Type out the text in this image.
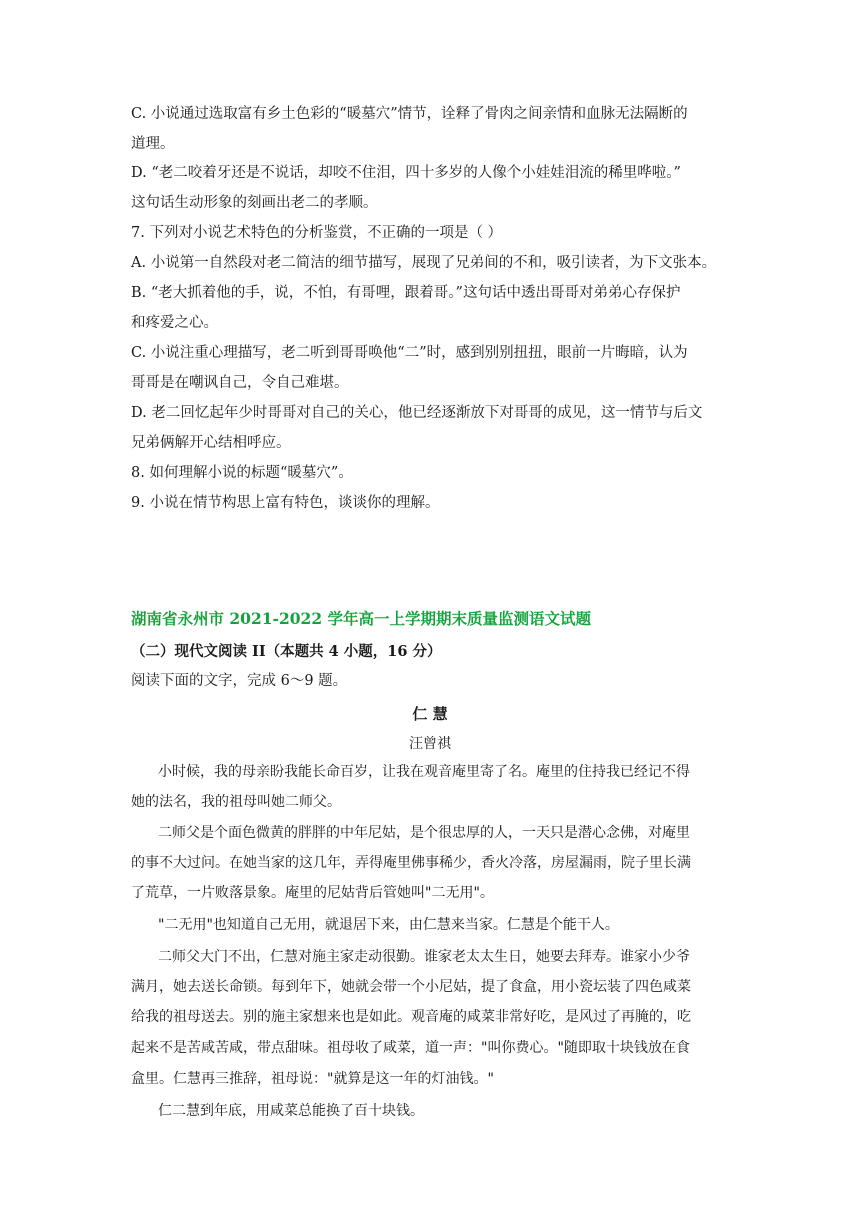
C. 小说通过选取富有乡土色彩的“暖墓穴”情节，诠释了骨肉之间亲情和血脉无法隔断的
道理。
D. “老二咬着牙还是不说话，却咬不住泪，四十多岁的人像个小娃娃泪流的稀里哗啦。”
这句话生动形象的刻画出老二的孝顺。
7. 下列对小说艺术特色的分析鉴赏，不正确的一项是（ ）
A. 小说第一自然段对老二简洁的细节描写，展现了兄弟间的不和，吸引读者，为下文张本。
B. “老大抓着他的手，说，不怕，有哥哩，跟着哥。”这句话中透出哥哥对弟弟心存保护
和疼爱之心。
C. 小说注重心理描写，老二听到哥哥唤他“二”时，感到别别扭扭，眼前一片晦暗，认为
哥哥是在嘲讽自己，令自己难堪。
D. 老二回忆起年少时哥哥对自己的关心，他已经逐渐放下对哥哥的成见，这一情节与后文
兄弟俩解开心结相呼应。
8. 如何理解小说的标题“暖墓穴”。
9. 小说在情节构思上富有特色，谈谈你的理解。
湖南省永州市 2021-2022 学年高一上学期期末质量监测语文试题
（二）现代文阅读 II（本题共 4 小题，16 分）
阅读下面的文字，完成 6～9 题。
仁 慧
汪曾祺
小时候，我的母亲盼我能长命百岁，让我在观音庵里寄了名。庵里的住持我已经记不得
她的法名，我的祖母叫她二师父。
二师父是个面色微黄的胖胖的中年尼姑，是个很忠厚的人，一天只是潜心念佛，对庵里
的事不大过问。在她当家的这几年，弄得庵里佛事稀少，香火冷落，房屋漏雨，院子里长满
了荒草，一片败落景象。庵里的尼姑背后管她叫"二无用"。
"二无用"也知道自己无用，就退居下来，由仁慧来当家。仁慧是个能干人。
二师父大门不出，仁慧对施主家走动很勤。谁家老太太生日，她要去拜寿。谁家小少爷
满月，她去送长命锁。每到年下，她就会带一个小尼姑，提了食盒，用小瓷坛装了四色咸菜
给我的祖母送去。别的施主家想来也是如此。观音庵的咸菜非常好吃，是风过了再腌的，吃
起来不是苦咸苦咸，带点甜味。祖母收了咸菜，道一声："叫你费心。"随即取十块钱放在食
盒里。仁慧再三推辞，祖母说："就算是这一年的灯油钱。"
仁二慧到年底，用咸菜总能换了百十块钱。
